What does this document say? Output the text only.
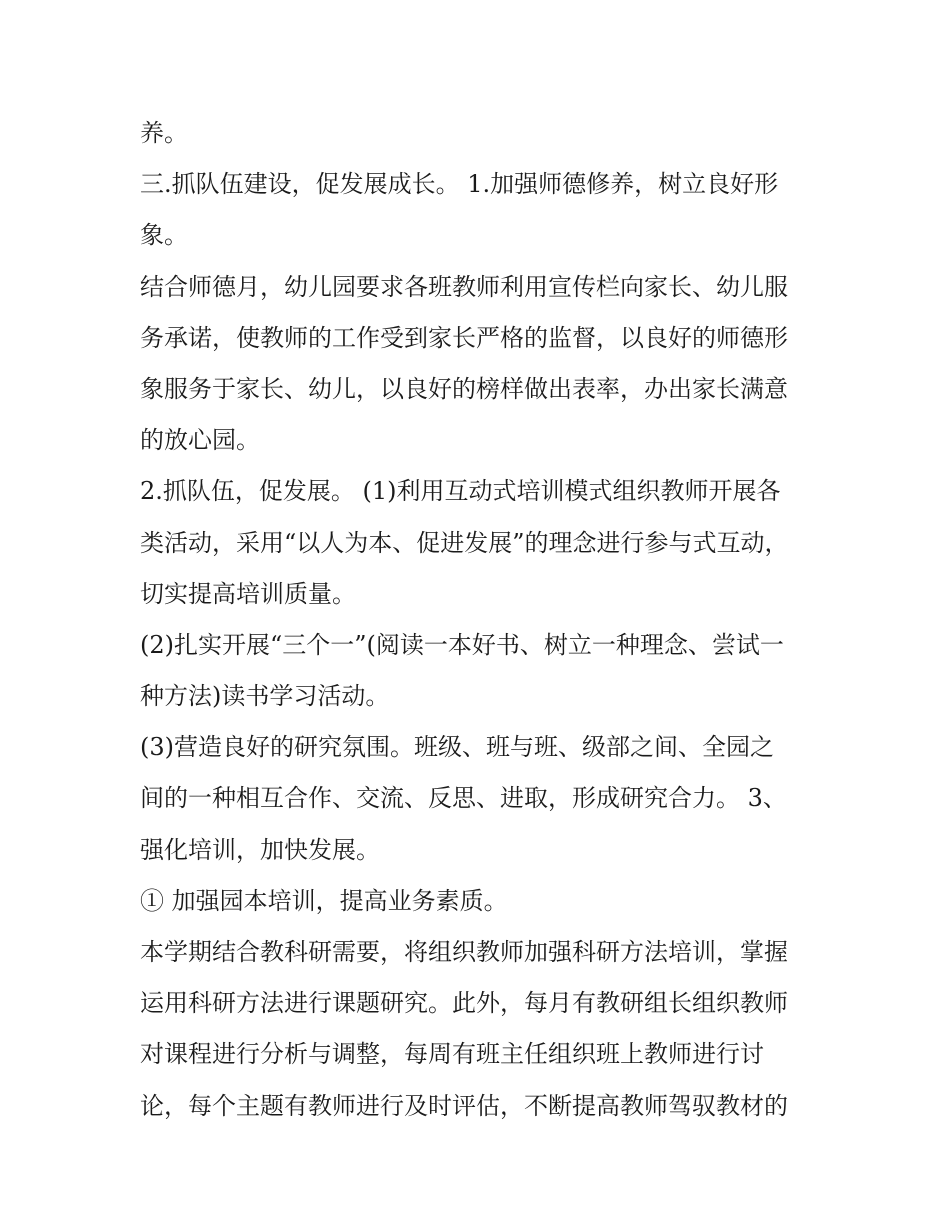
养。
三.抓队伍建设，促发展成长。 1.加强师德修养，树立良好形
象。
结合师德月，幼儿园要求各班教师利用宣传栏向家长、幼儿服
务承诺，使教师的工作受到家长严格的监督，以良好的师德形
象服务于家长、幼儿，以良好的榜样做出表率，办出家长满意
的放心园。
2.抓队伍，促发展。 (1)利用互动式培训模式组织教师开展各
类活动，采用“以人为本、促进发展”的理念进行参与式互动，
切实提高培训质量。
(2)扎实开展“三个一”(阅读一本好书、树立一种理念、尝试一
种方法)读书学习活动。
(3)营造良好的研究氛围。班级、班与班、级部之间、全园之
间的一种相互合作、交流、反思、进取，形成研究合力。 3、
强化培训，加快发展。
① 加强园本培训，提高业务素质。
本学期结合教科研需要，将组织教师加强科研方法培训，掌握
运用科研方法进行课题研究。此外，每月有教研组长组织教师
对课程进行分析与调整，每周有班主任组织班上教师进行讨
论，每个主题有教师进行及时评估，不断提高教师驾驭教材的
